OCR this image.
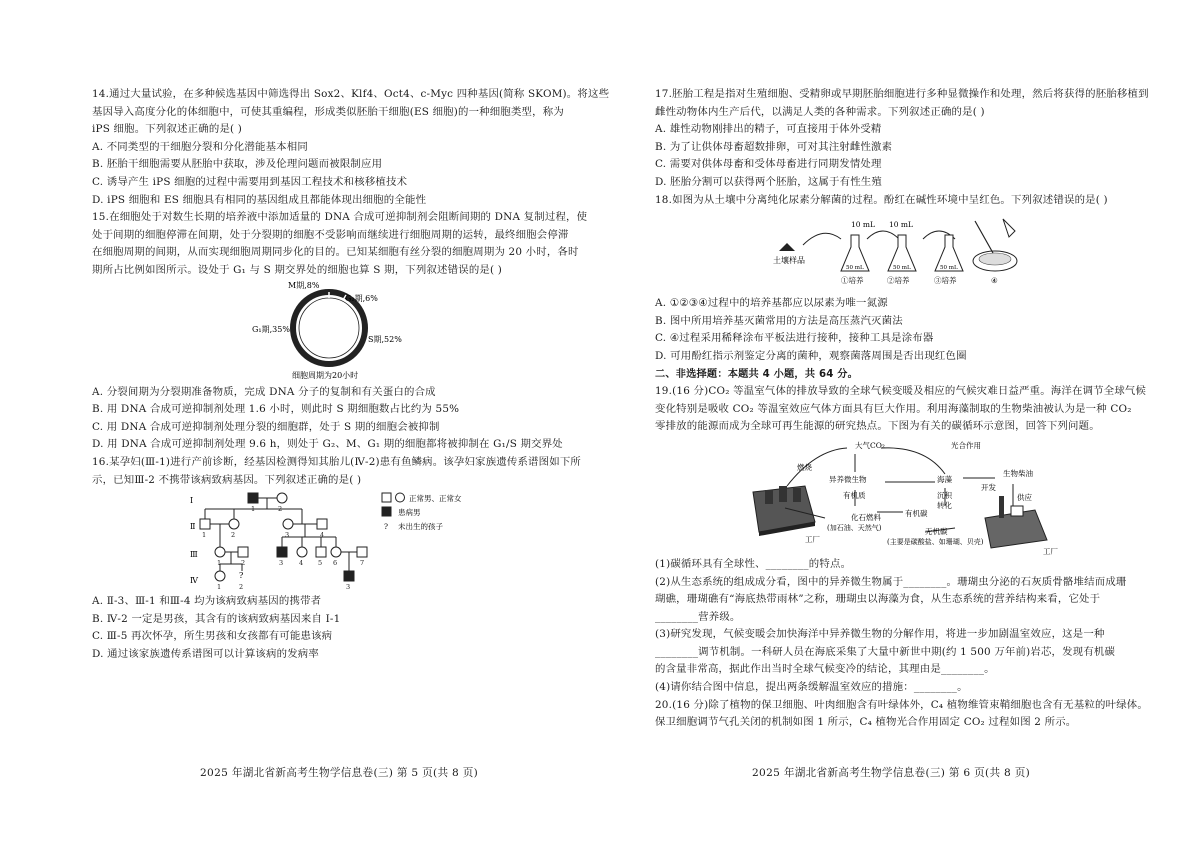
14.通过大量试验，在多种候选基因中筛选得出 Sox2、Klf4、Oct4、c-Myc 四种基因(简称 SKOM)。将这些
基因导入高度分化的体细胞中，可使其重编程，形成类似胚胎干细胞(ES 细胞)的一种细胞类型，称为
iPS 细胞。下列叙述正确的是( )
A. 不同类型的干细胞分裂和分化潜能基本相同
B. 胚胎干细胞需要从胚胎中获取，涉及伦理问题而被限制应用
C. 诱导产生 iPS 细胞的过程中需要用到基因工程技术和核移植技术
D. iPS 细胞和 ES 细胞具有相同的基因组成且都能体现出细胞的全能性
15.在细胞处于对数生长期的培养液中添加适量的 DNA 合成可逆抑制剂会阻断间期的 DNA 复制过程，使
处于间期的细胞停滞在间期，处于分裂期的细胞不受影响而继续进行细胞周期的运转，最终细胞会停滞
在细胞周期的间期，从而实现细胞周期同步化的目的。已知某细胞有丝分裂的细胞周期为 20 小时，各时
期所占比例如图所示。设处于 G₁ 与 S 期交界处的细胞也算 S 期，下列叙述错误的是( )
M期,8%
G₂期,6%
G₁期,35%
S期,52%
细胞周期为20小时
A. 分裂间期为分裂期准备物质，完成 DNA 分子的复制和有关蛋白的合成
B. 用 DNA 合成可逆抑制剂处理 1.6 小时，则此时 S 期细胞数占比约为 55%
C. 用 DNA 合成可逆抑制剂处理分裂的细胞群，处于 S 期的细胞会被抑制
D. 用 DNA 合成可逆抑制剂处理 9.6 h，则处于 G₂、M、G₁ 期的细胞都将被抑制在 G₁/S 期交界处
16.某孕妇(Ⅲ-1)进行产前诊断，经基因检测得知其胎儿(Ⅳ-2)患有鱼鳞病。该孕妇家族遗传系谱图如下所
示，已知Ⅲ-2 不携带该病致病基因。下列叙述正确的是( )
Ⅰ
Ⅱ
Ⅲ
Ⅳ
?
1	2
1	2	3	4
1	2	3 4 5 6	7
1	2	3
正常男、正常女
患病男
? 未出生的孩子
A. Ⅱ-3、Ⅲ-1 和Ⅲ-4 均为该病致病基因的携带者
B. Ⅳ-2 一定是男孩，其含有的该病致病基因来自 Ⅰ-1
C. Ⅲ-5 再次怀孕，所生男孩和女孩都有可能患该病
D. 通过该家族遗传系谱图可以计算该病的发病率
2025 年湖北省新高考生物学信息卷(三) 第 5 页(共 8 页)
17.胚胎工程是指对生殖细胞、受精卵或早期胚胎细胞进行多种显微操作和处理，然后将获得的胚胎移植到
雌性动物体内生产后代，以满足人类的各种需求。下列叙述正确的是( )
A. 雄性动物刚排出的精子，可直接用于体外受精
B. 为了让供体母畜超数排卵，可对其注射雌性激素
C. 需要对供体母畜和受体母畜进行同期发情处理
D. 胚胎分割可以获得两个胚胎，这属于有性生殖
18.如图为从土壤中分离纯化尿素分解菌的过程。酚红在碱性环境中呈红色。下列叙述错误的是( )
土壤样品
10 mL 10 mL
50 mL	50 mL	50 mL
①培养	②培养	③培养	④
A. ①②③④过程中的培养基都应以尿素为唯一氮源
B. 图中所用培养基灭菌常用的方法是高压蒸汽灭菌法
C. ④过程采用稀释涂布平板法进行接种，接种工具是涂布器
D. 可用酚红指示剂鉴定分离的菌种，观察菌落周围是否出现红色圈
二、非选择题：本题共 4 小题，共 64 分。
19.(16 分)CO₂ 等温室气体的排放导致的全球气候变暖及相应的气候灾难日益严重。海洋在调节全球气候
变化特别是吸收 CO₂ 等温室效应气体方面具有巨大作用。利用海藻制取的生物柴油被认为是一种 CO₂
零排放的能源而成为全球可再生能源的研究热点。下图为有关的碳循环示意图，回答下列问题。
工厂
工厂
大气CO₂	光合作用
燃烧
异养微生物
有机质
有机碳
化石燃料
(加石油、天然气)
海藻
沉积
转化
开发
生物柴油
供应
无机碳
(主要是碳酸盐、如珊瑚、贝壳)
(1)碳循环具有全球性、________的特点。
(2)从生态系统的组成成分看，图中的异养微生物属于________。珊瑚虫分泌的石灰质骨骼堆结而成珊
瑚礁，珊瑚礁有“海底热带雨林”之称，珊瑚虫以海藻为食，从生态系统的营养结构来看，它处于
________营养级。
(3)研究发现，气候变暖会加快海洋中异养微生物的分解作用，将进一步加剧温室效应，这是一种
________调节机制。一科研人员在海底采集了大量中新世中期(约 1 500 万年前)岩芯，发现有机碳
的含量非常高，据此作出当时全球气候变冷的结论，其理由是________。
(4)请你结合图中信息，提出两条缓解温室效应的措施：________。
20.(16 分)除了植物的保卫细胞、叶肉细胞含有叶绿体外，C₄ 植物维管束鞘细胞也含有无基粒的叶绿体。
保卫细胞调节气孔关闭的机制如图 1 所示，C₄ 植物光合作用固定 CO₂ 过程如图 2 所示。
2025 年湖北省新高考生物学信息卷(三) 第 6 页(共 8 页)
